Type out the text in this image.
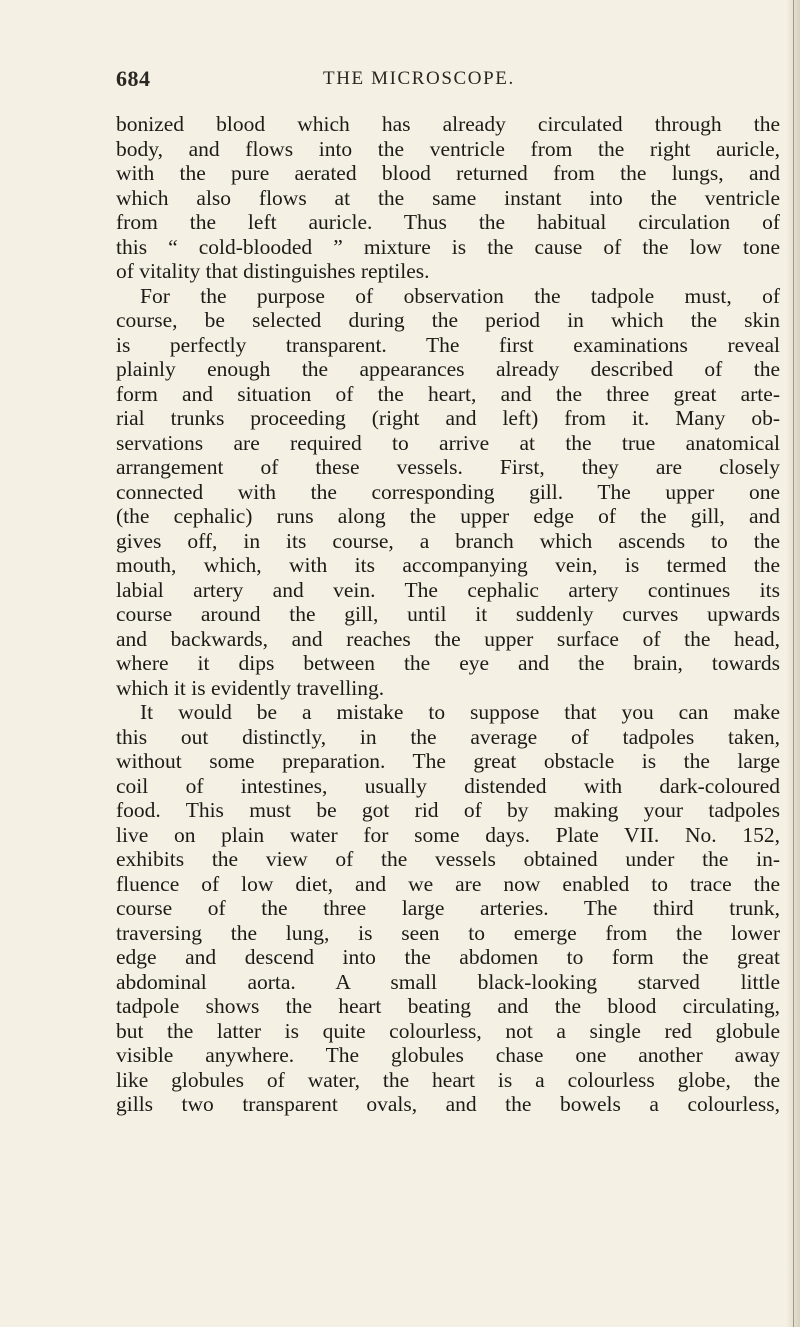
684	THE MICROSCOPE.
bonized blood which has already circulated through the
body, and flows into the ventricle from the right auricle,
with the pure aerated blood returned from the lungs, and
which also flows at the same instant into the ventricle
from the left auricle. Thus the habitual circulation of
this “ cold-blooded ” mixture is the cause of the low tone
of vitality that distinguishes reptiles.
For the purpose of observation the tadpole must, of
course, be selected during the period in which the skin
is perfectly transparent. The first examinations reveal
plainly enough the appearances already described of the
form and situation of the heart, and the three great arte-
rial trunks proceeding (right and left) from it. Many ob-
servations are required to arrive at the true anatomical
arrangement of these vessels. First, they are closely
connected with the corresponding gill. The upper one
(the cephalic) runs along the upper edge of the gill, and
gives off, in its course, a branch which ascends to the
mouth, which, with its accompanying vein, is termed the
labial artery and vein. The cephalic artery continues its
course around the gill, until it suddenly curves upwards
and backwards, and reaches the upper surface of the head,
where it dips between the eye and the brain, towards
which it is evidently travelling.
It would be a mistake to suppose that you can make
this out distinctly, in the average of tadpoles taken,
without some preparation. The great obstacle is the large
coil of intestines, usually distended with dark-coloured
food. This must be got rid of by making your tadpoles
live on plain water for some days. Plate VII. No. 152,
exhibits the view of the vessels obtained under the in-
fluence of low diet, and we are now enabled to trace the
course of the three large arteries. The third trunk,
traversing the lung, is seen to emerge from the lower
edge and descend into the abdomen to form the great
abdominal aorta. A small black-looking starved little
tadpole shows the heart beating and the blood circulating,
but the latter is quite colourless, not a single red globule
visible anywhere. The globules chase one another away
like globules of water, the heart is a colourless globe, the
gills two transparent ovals, and the bowels a colourless,
